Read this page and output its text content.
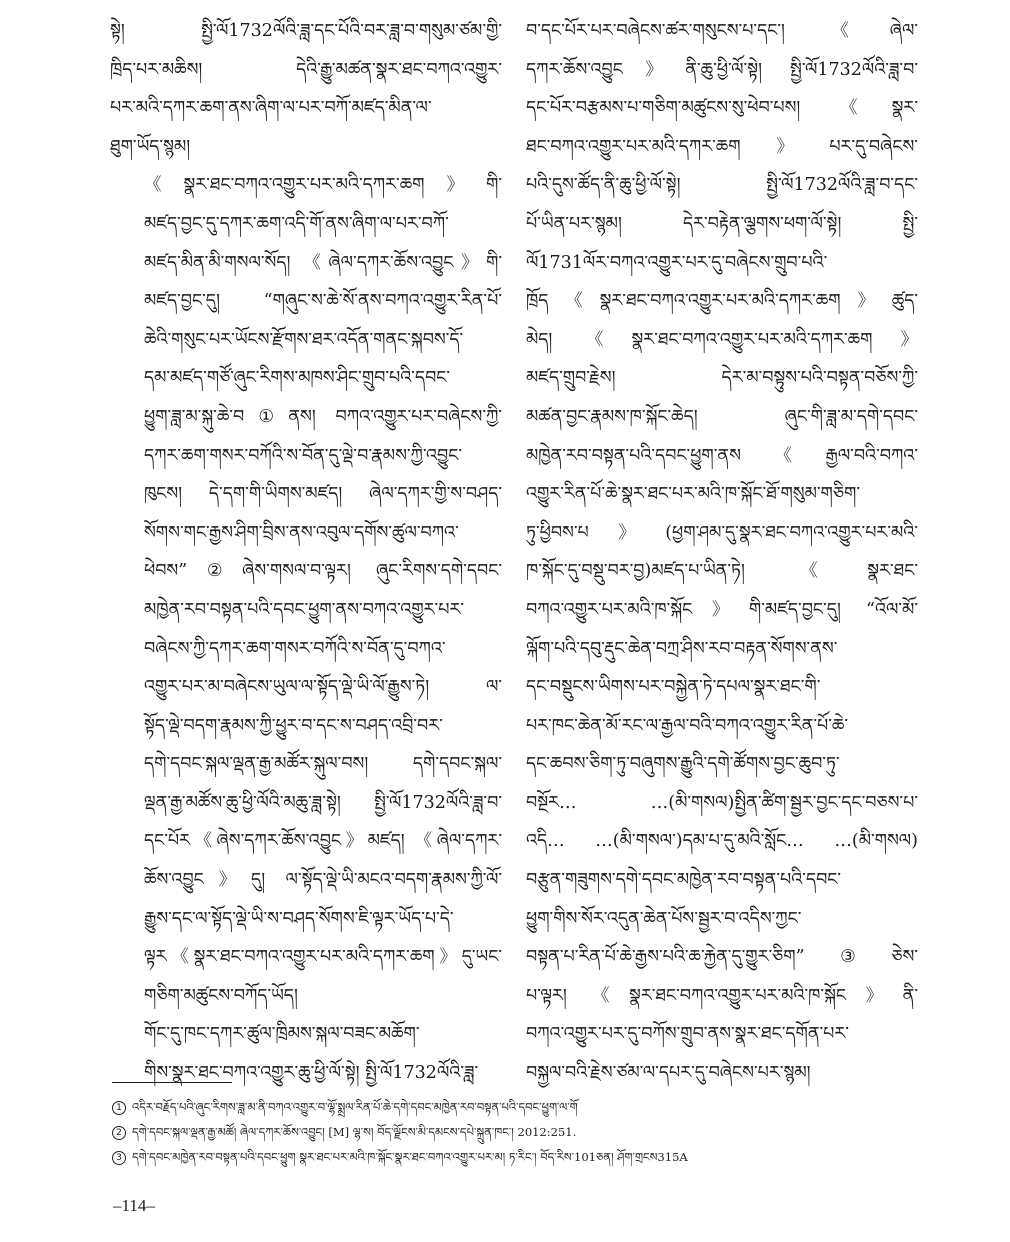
སྟེ། སྤྱི་ལོ1732ལོའི་ཟླ་དང་པོའི་བར་ཟླ་བ་གསུམ་ཙམ་གྱི་
ཁྲིད་པར་མཆིས། དེའི་རྒྱུ་མཚན་སྣར་ཐང་བཀའ་འགྱུར་
པར་མའི་དཀར་ཆག་ནས་ཞིག་ལ་པར་བཀོ་མཛད་མིན་ལ་
ཐུག་ཡོད་སྙམ།

《སྣར་ཐང་བཀའ་འགྱུར་པར་མའི་དཀར་ཆག》གི་
མཛད་བྱང་དུ་དཀར་ཆག་འདི་གོ་ནས་ཞིག་ལ་པར་བཀོ་
མཛད་མིན་མི་གསལ་སོད། 《ཞེལ་དཀར་ཆོས་འབྱུང》གི་
མཛད་བྱང་དུ། “གཞུང་ས་ཆེ་སོ་ནས་བཀའ་འགྱུར་རིན་པོ་
ཆེའི་གསུང་པར་ཡོངས་རྫོགས་ཐར་འདོན་གནང་སྐབས་དོ་
དམ་མཛད་གཙོ་ཞུང་རིགས་མཁས་ཤིང་གྲུབ་པའི་དབང་
ཕྱུག་ཟླ་མ་སྐུ་ཆེ་བ①ནས། བཀའ་འགྱུར་པར་བཞེངས་ཀྱི་
དཀར་ཆག་གསར་བཀོའི་ས་བོན་དུ་ལྡེ་བ་རྣམས་ཀྱི་འབྱུང་
ཁུངས། དེ་དག་གི་ཡིགས་མཛད། ཞེལ་དཀར་གྱི་ས་བཤད་
སོགས་གང་རྒྱས་ཤིག་བྲིས་ནས་འབུལ་དགོས་ཚུལ་བཀའ་
ཕེབས”②ཞེས་གསལ་བ་ལྟར། ཞུང་རིགས་དགེ་དབང་
མཁྱེན་རབ་བསྟན་པའི་དབང་ཕྱུག་ནས་བཀའ་འགྱུར་པར་
བཞེངས་ཀྱི་དཀར་ཆག་གསར་བཀོའི་ས་བོན་དུ་བཀའ་
འགྱུར་པར་མ་བཞེངས་ཡུལ་ལ་སྟོད་ལྡེ་ཡི་ལོ་རྒྱུས་ཏེ། ལ་
སྟོད་ལྡེ་བདག་རྣམས་ཀྱི་ཕྱུར་བ་དང་ས་བཤད་འབྲི་བར་
དགེ་དབང་སྐལ་ལྡན་རྒྱ་མཚོར་སྐུལ་བས། དགེ་དབང་སྐལ་
ལྡན་རྒྱ་མཚོས་ཆུ་ཕྱི་ལོའི་མཆུ་ཟླ་སྟེ། སྤྱི་ལོ1732ལོའི་ཟླ་བ་
དང་པོར《ཞེས་དཀར་ཆོས་འབྱུང》མཛད། 《ཞེལ་དཀར་
ཆོས་འབྱུང》དུ། ལ་སྟོད་ལྡེ་ཡི་མངའ་བདག་རྣམས་ཀྱི་ལོ་
རྒྱུས་དང་ལ་སྟོད་ལྡེ་ཡི་ས་བཤད་སོགས་ཇི་ལྟར་ཡོད་པ་དེ་
ལྟར《སྣར་ཐང་བཀའ་འགྱུར་པར་མའི་དཀར་ཆག》དུ་ཡང་
གཅིག་མཚུངས་བཀོད་ཡོད།

གོང་དུ་ཁང་དཀར་ཚུལ་ཁྲིམས་སྐལ་བཟང་མཆོག་
གིས་སྣར་ཐང་བཀའ་འགྱུར་ཆུ་ཕྱི་ལོ་སྟེ། སྤྱི་ལོ1732ལོའི་ཟླ་

བ་དང་པོར་པར་བཞེངས་ཚར་གསུངས་པ་དང་། 《ཞེལ་
དཀར་ཆོས་འབྱུང》ནི་ཆུ་ཕྱི་ལོ་སྟེ། སྤྱི་ལོ1732ལོའི་ཟླ་བ་
དང་པོར་བརྩམས་པ་གཅིག་མཚུངས་སུ་ཕེབ་པས། 《སྣར་
ཐང་བཀའ་འགྱུར་པར་མའི་དཀར་ཆག》པར་དུ་བཞེངས་
པའི་དུས་ཚོད་ནི་ཆུ་ཕྱི་ལོ་སྟེ། སྤྱི་ལོ1732ལོའི་ཟླ་བ་དང་
པོ་ཡིན་པར་སྙམ། དེར་བརྟེན་ལྕགས་ཕག་ལོ་སྟེ། སྤྱི་
ལོ1731ལོར་བཀའ་འགྱུར་པར་དུ་བཞེངས་གྲུབ་པའི་
ཁྲོད《སྣར་ཐང་བཀའ་འགྱུར་པར་མའི་དཀར་ཆག》ཚུད་
མེད། 《སྣར་ཐང་བཀའ་འགྱུར་པར་མའི་དཀར་ཆག》
མཛད་གྲུབ་རྗེས། དེར་མ་བསྟུས་པའི་བསྟན་བཅོས་ཀྱི་
མཚན་བྱང་རྣམས་ཁ་སྐོང་ཆེད། ཞུང་གི་ཟླ་མ་དགེ་དབང་
མཁྱེན་རབ་བསྟན་པའི་དབང་ཕྱུག་ནས《རྒྱལ་བའི་བཀའ་
འགྱུར་རིན་པོ་ཆེ་སྣར་ཐང་པར་མའི་ཁ་སྐོང་ཐོ་གསུམ་གཅིག་
ཏུ་ཕྱིབས་པ》(ཕྱག་ཤམ་དུ་སྣར་ཐང་བཀའ་འགྱུར་པར་མའི་
ཁ་སྐོང་དུ་བསྡུ་བར་བྱ)མཛད་པ་ཡིན་ཏེ། 《སྣར་ཐང་
བཀའ་འགྱུར་པར་མའི་ཁ་སྐོང》གི་མཛད་བྱང་དུ། “འོལ་མོ་
ལྐོག་པའི་དབུ་རྡུང་ཆེན་བཀྲ་ཤིས་རབ་བརྟན་སོགས་ནས་
དང་བསྡུངས་ཡིགས་པར་བསྐྱེན་ཏེ་དཔལ་སྣར་ཐང་གི་
པར་ཁང་ཆེན་མོ་རང་ལ་རྒྱལ་བའི་བཀའ་འགྱུར་རིན་པོ་ཆེ་
དང་ཆབས་ཅིག་ཏུ་བཞུགས་རྒྱུའི་དགེ་ཚོགས་བྱང་ཆུབ་ཏུ་
བསྔོར… …(མི་གསལ)སྤྱིན་ཚིག་སྦྱར་བྱང་དང་བཅས་པ་
འདི… …(མི་གསལ་)དམ་པ་དུ་མའི་སློང… …(མི་གསལ)
བརྩུན་གཟུགས་དགེ་དབང་མཁྱེན་རབ་བསྟན་པའི་དབང་
ཕྱུག་གིས་སོར་འདུན་ཆེན་པོས་སྦྱར་བ་འདིས་ཀྱང་
བསྟན་པ་རིན་པོ་ཆེ་རྒྱས་པའི་ཆ་རྐྱེན་དུ་གྱུར་ཅིག”③ཅེས་
པ་ལྟར། 《སྣར་ཐང་བཀའ་འགྱུར་པར་མའི་ཁ་སྐོང》ནི་
བཀའ་འགྱུར་པར་དུ་བཀོས་གྲུབ་ནས་སྣར་ཐང་དགོན་པར་
བསྐྱལ་བའི་རྗེས་ཙམ་ལ་དཔར་དུ་བཞེངས་པར་སྙམ།

1 འདིར་བརྗོད་པའི་ཞུང་རིགས་ཟླ་མ་ནི་བཀའ་འགྱུར་བ་ལྷོ་སྨྲལ་རིན་པོ་ཆེ་དགེ་དབང་མཁྱེན་རབ་བསྟན་པའི་དབང་ཕྱུག་ལ་གོ
2 དགེ་དབང་སྐལ་ལྡན་རྒྱ་མཚོ། ཞེལ་དཀར་ཆོས་འབྱུང། [M] ལྷ་ས། བོད་ལྗོངས་མི་དམངས་དཔེ་སྐྲུན་ཁང་། 2012:251.
3 དགེ་དབང་མཁྱེན་རབ་བསྟན་པའི་དབང་ཕྱུག སྣར་ཐང་པར་མའི་ཁ་སྐོང་སྣར་ཐང་བཀའ་འགྱུར་པར་མ། ཏ་རིང་། བོད་རིས་101ཅན། ཤོག་གྲངས315A
–114–
